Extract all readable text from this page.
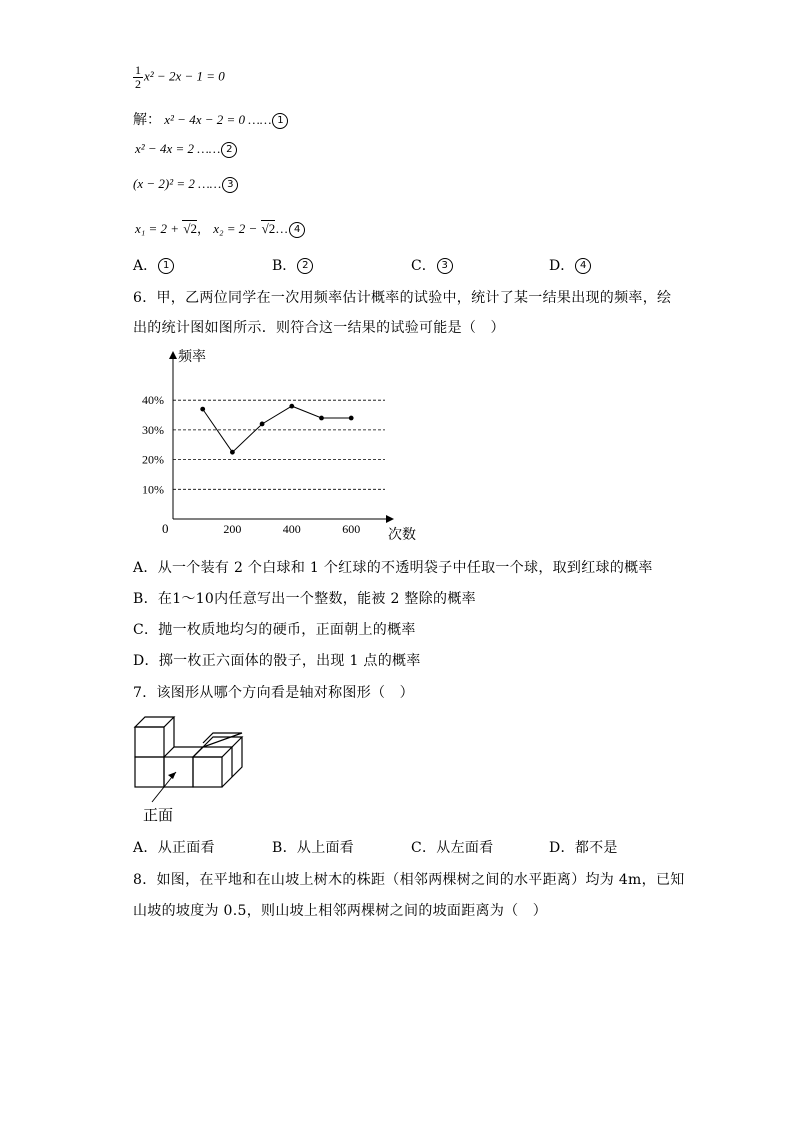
$\frac{1}{2} x^2 - 2x - 1 = 0$
解： x² − 4x − 2 = 0 …… 1
x² − 4x = 2 …… 2
(x − 2)² = 2 …… 3
x₁ = 2 + √2， x₂ = 2 − √2… 4
A． 1	B． 2	C． 3	D． 4
6．甲，乙两位同学在一次用频率估计概率的试验中，统计了某一结果出现的频率，绘
出的统计图如图所示．则符合这一结果的试验可能是（　）
10%
20%
30%
40%
200	400	600
频率
次数
0
A．从一个装有 2 个白球和 1 个红球的不透明袋子中任取一个球，取到红球的概率
B．在1～10内任意写出一个整数，能被 2 整除的概率
C．抛一枚质地均匀的硬币，正面朝上的概率
D．掷一枚正六面体的骰子，出现 1 点的概率
7．该图形从哪个方向看是轴对称图形（　）
正面
A．从正面看	B．从上面看	C．从左面看	D．都不是
8．如图，在平地和在山坡上树木的株距（相邻两棵树之间的水平距离）均为 4m，已知
山坡的坡度为 0.5，则山坡上相邻两棵树之间的坡面距离为（　）
